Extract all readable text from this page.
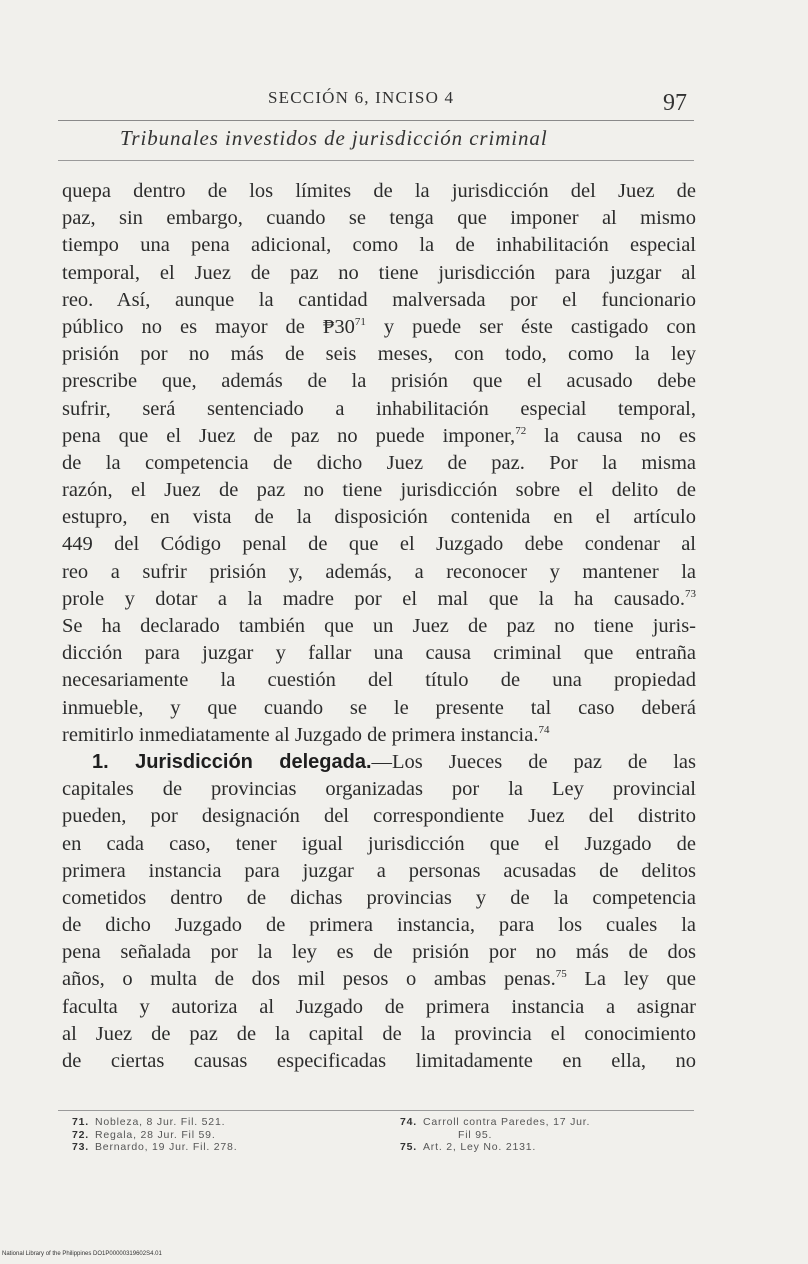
SECCIÓN 6, INCISO 4	97
Tribunales investidos de jurisdicción criminal
quepa dentro de los límites de la jurisdicción del Juez de
paz, sin embargo, cuando se tenga que imponer al mismo
tiempo una pena adicional, como la de inhabilitación especial
temporal, el Juez de paz no tiene jurisdicción para juzgar al
reo. Así, aunque la cantidad malversada por el funcionario
público no es mayor de $₱30^{71}$ y puede ser éste castigado con
prisión por no más de seis meses, con todo, como la ley
prescribe que, además de la prisión que el acusado debe
sufrir, será sentenciado a inhabilitación especial temporal,
pena que el Juez de paz no puede imponer,$^{72}$ la causa no es
de la competencia de dicho Juez de paz. Por la misma
razón, el Juez de paz no tiene jurisdicción sobre el delito de
estupro, en vista de la disposición contenida en el artículo
449 del Código penal de que el Juzgado debe condenar al
reo a sufrir prisión y, además, a reconocer y mantener la
prole y dotar a la madre por el mal que la ha causado.$^{73}$
Se ha declarado también que un Juez de paz no tiene juris-
dicción para juzgar y fallar una causa criminal que entraña
necesariamente la cuestión del título de una propiedad
inmueble, y que cuando se le presente tal caso deberá
remitirlo inmediatamente al Juzgado de primera instancia.$^{74}$
1. Jurisdicción delegada.—Los Jueces de paz de las
capitales de provincias organizadas por la Ley provincial
pueden, por designación del correspondiente Juez del distrito
en cada caso, tener igual jurisdicción que el Juzgado de
primera instancia para juzgar a personas acusadas de delitos
cometidos dentro de dichas provincias y de la competencia
de dicho Juzgado de primera instancia, para los cuales la
pena señalada por la ley es de prisión por no más de dos
años, o multa de dos mil pesos o ambas penas.$^{75}$ La ley que
faculta y autoriza al Juzgado de primera instancia a asignar
al Juez de paz de la capital de la provincia el conocimiento
de ciertas causas especificadas limitadamente en ella, no
71. Nobleza, 8 Jur. Fil. 521.
72. Regala, 28 Jur. Fil 59.
73. Bernardo, 19 Jur. Fil. 278.
74. Carroll contra Paredes, 17 Jur.
Fil 95.
75. Art. 2, Ley No. 2131.
National Library of the Philippines DO1P00000319602S4.01
